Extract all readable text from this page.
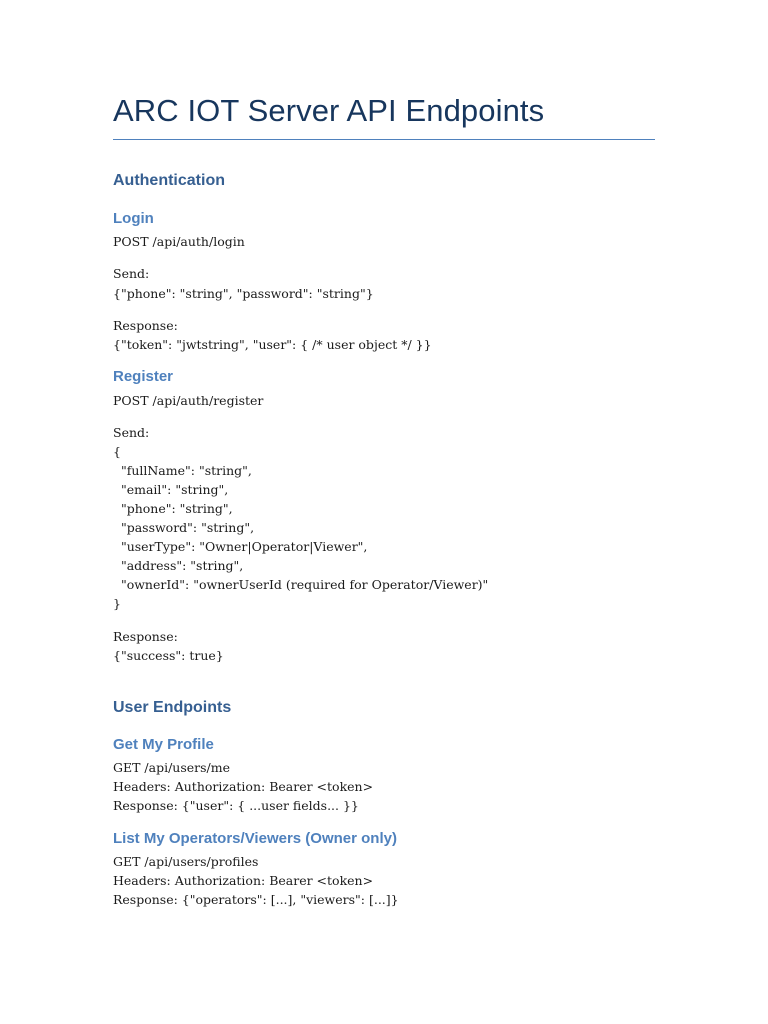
ARC IOT Server API Endpoints
Authentication
Login
POST /api/auth/login
Send:
{"phone": "string", "password": "string"}
Response:
{"token": "jwtstring", "user": { /* user object */ }}
Register
POST /api/auth/register
Send:
{
"fullName": "string",
"email": "string",
"phone": "string",
"password": "string",
"userType": "Owner|Operator|Viewer",
"address": "string",
"ownerId": "ownerUserId (required for Operator/Viewer)"
}
Response:
{"success": true}
User Endpoints
Get My Profile
GET /api/users/me
Headers: Authorization: Bearer <token>
Response: {"user": { ...user fields... }}
List My Operators/Viewers (Owner only)
GET /api/users/profiles
Headers: Authorization: Bearer <token>
Response: {"operators": [...], "viewers": [...]}
